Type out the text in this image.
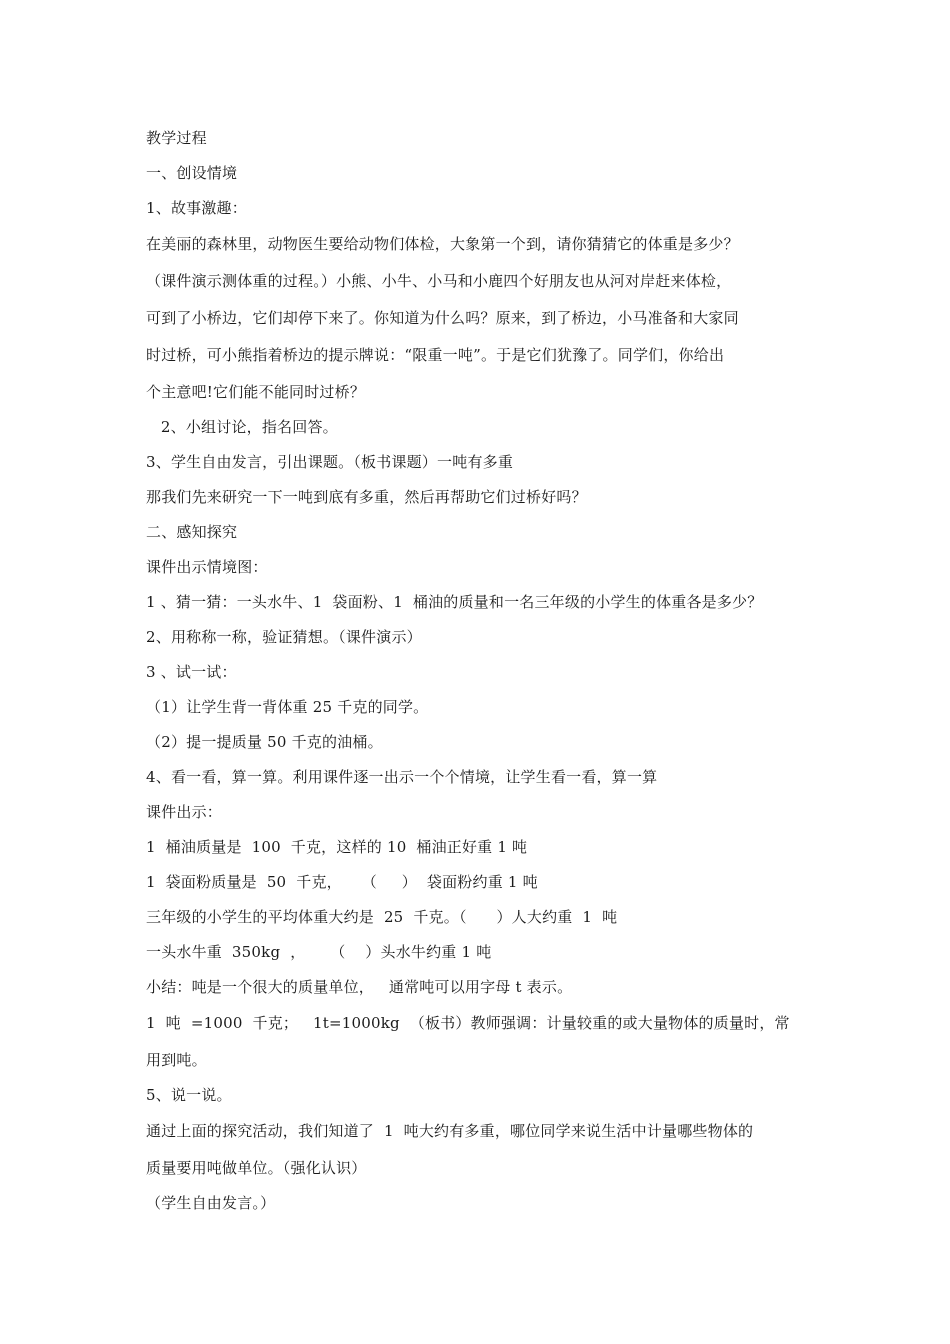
教学过程
一、创设情境
1、故事激趣：
在美丽的森林里，动物医生要给动物们体检，大象第一个到，请你猜猜它的体重是多少？
（课件演示测体重的过程。）小熊、小牛、小马和小鹿四个好朋友也从河对岸赶来体检，
可到了小桥边，它们却停下来了。你知道为什么吗？原来，到了桥边，小马准备和大家同
时过桥，可小熊指着桥边的提示牌说：“限重一吨”。于是它们犹豫了。同学们，你给出
个主意吧!它们能不能同时过桥？
2、小组讨论，指名回答。
3、学生自由发言，引出课题。（板书课题）一吨有多重
那我们先来研究一下一吨到底有多重，然后再帮助它们过桥好吗？
二、感知探究
课件出示情境图：
1 、猜一猜：一头水牛、1  袋面粉、1  桶油的质量和一名三年级的小学生的体重各是多少？
2、用称称一称，验证猜想。（课件演示）
3 、试一试：
（1）让学生背一背体重 25 千克的同学。
（2）提一提质量 50 千克的油桶。
4、看一看，算一算。利用课件逐一出示一个个情境，让学生看一看，算一算
课件出示：
1  桶油质量是  100  千克，这样的 10  桶油正好重 1 吨
1  袋面粉质量是  50  千克，    （     ）  袋面粉约重 1 吨
三年级的小学生的平均体重大约是  25  千克。（      ）人大约重  1  吨
一头水牛重  350kg  ，     （    ）头水牛约重 1 吨
小结：吨是一个很大的质量单位，   通常吨可以用字母 t 表示。
1  吨  =1000  千克；   1t=1000kg  （板书）教师强调：计量较重的或大量物体的质量时，常
用到吨。
5、说一说。
通过上面的探究活动，我们知道了  1  吨大约有多重，哪位同学来说生活中计量哪些物体的
质量要用吨做单位。（强化认识）
（学生自由发言。）
